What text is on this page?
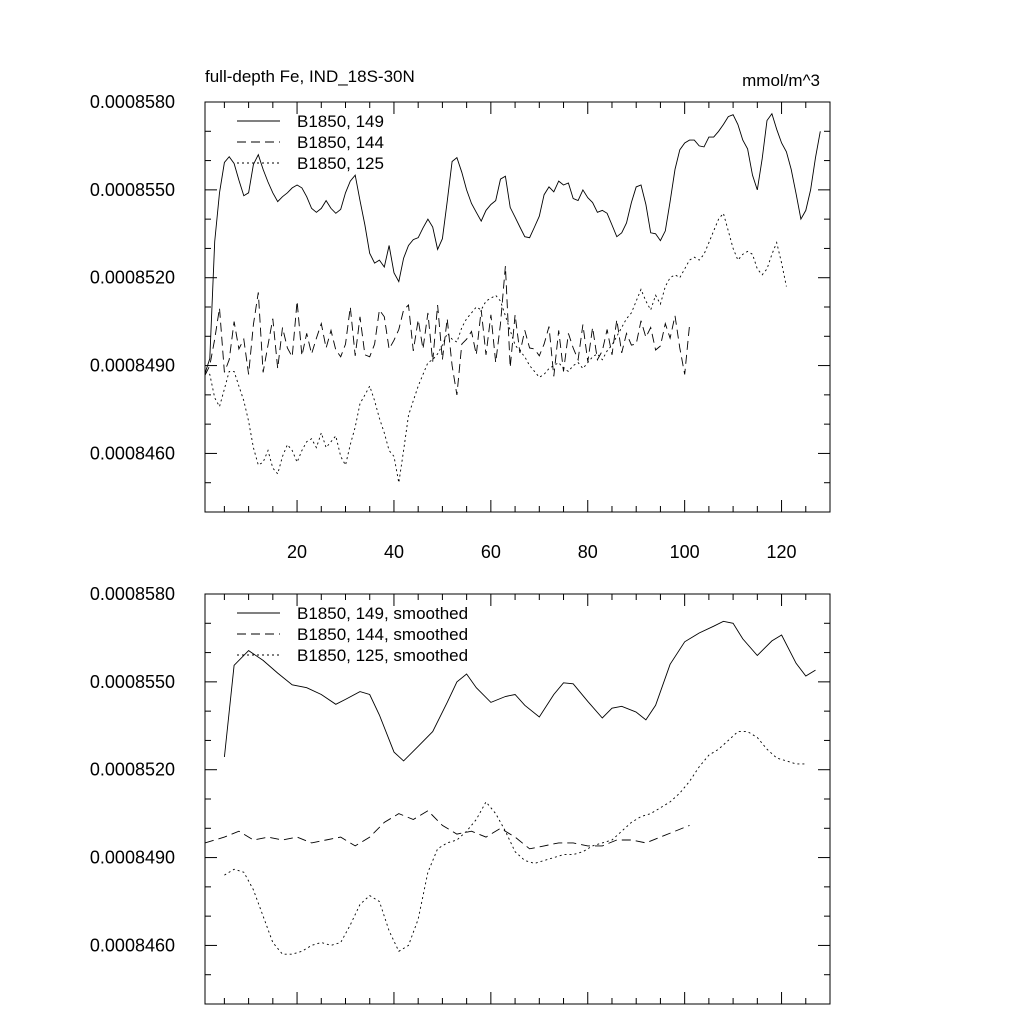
0.0008580
0.0008550
0.0008520
0.0008490
0.0008460
20	40	60	80	100	120
full-depth Fe, IND_18S-30N	mmol/m^3
B1850, 149
B1850, 144
B1850, 125
0.0008580
0.0008550
0.0008520
0.0008490
0.0008460
B1850, 149, smoothed
B1850, 144, smoothed
B1850, 125, smoothed
